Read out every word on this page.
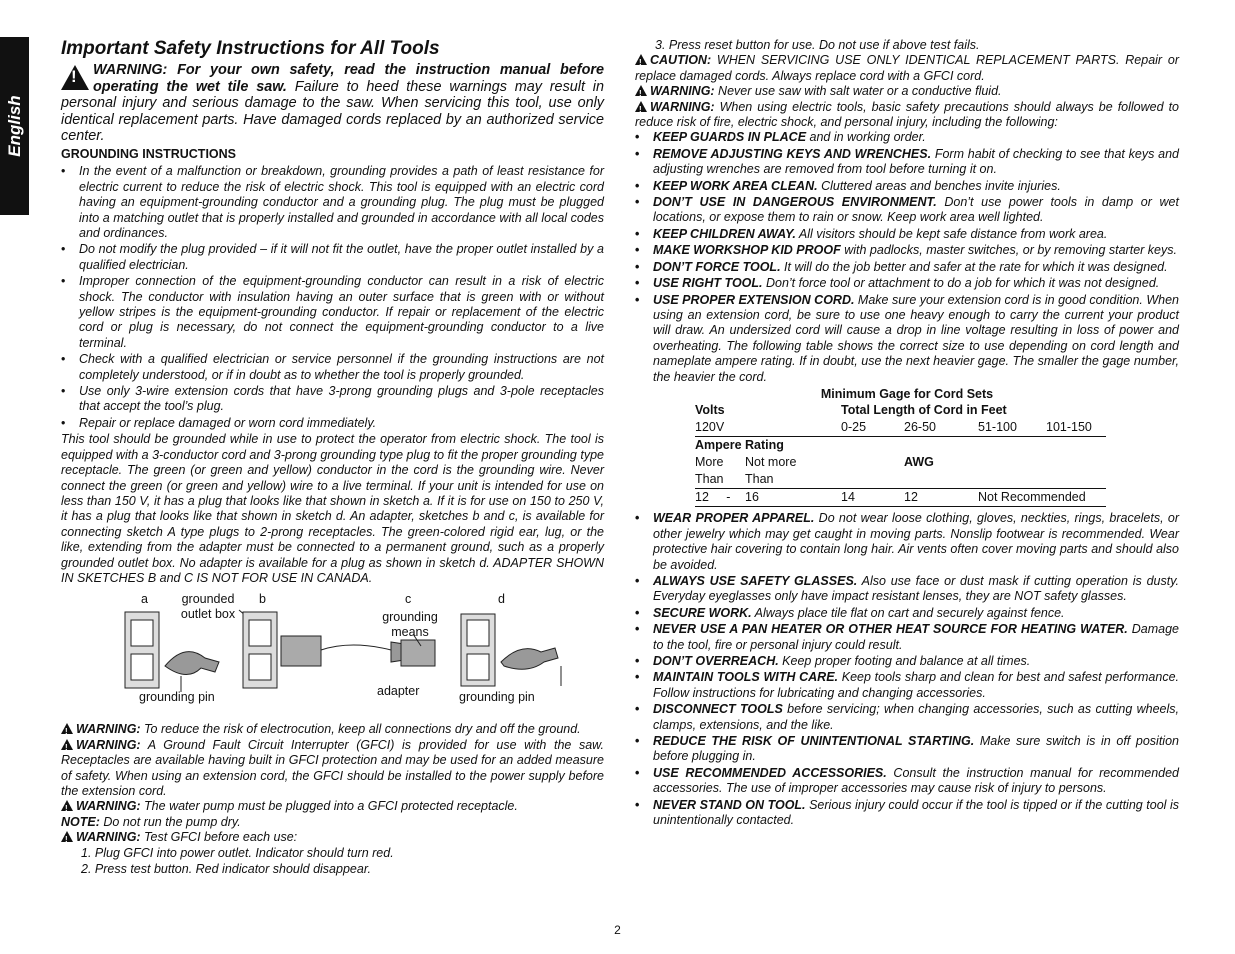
English
Important Safety Instructions for All Tools

!
WARNING: For your own safety, read the instruction manual before operating the wet tile saw. Failure to heed these warnings may result in personal injury and serious damage to the saw. When servicing this tool, use only identical replacement parts. Have damaged cords replaced by an authorized service center.

GROUNDING INSTRUCTIONS
• In the event of a malfunction or breakdown, grounding provides a path of least resistance for electric current to reduce the risk of electric shock. This tool is equipped with an electric cord having an equipment-grounding conductor and a grounding plug. The plug must be plugged into a matching outlet that is properly installed and grounded in accordance with all local codes and ordinances.
• Do not modify the plug provided – if it will not fit the outlet, have the proper outlet installed by a qualified electrician.
• Improper connection of the equipment-grounding conductor can result in a risk of electric shock. The conductor with insulation having an outer surface that is green with or without yellow stripes is the equipment-grounding conductor. If repair or replacement of the electric cord or plug is necessary, do not connect the equipment-grounding conductor to a live terminal.
• Check with a qualified electrician or service personnel if the grounding instructions are not completely understood, or if in doubt as to whether the tool is properly grounded.
• Use only 3-wire extension cords that have 3-prong grounding plugs and 3-pole receptacles that accept the tool’s plug.
• Repair or replace damaged or worn cord immediately.

This tool should be grounded while in use to protect the operator from electric shock. The tool is equipped with a 3-conductor cord and 3-prong grounding type plug to fit the proper grounding type receptacle. The green (or green and yellow) conductor in the cord is the grounding wire. Never connect the green (or green and yellow) wire to a live terminal. If your unit is intended for use on less than 150 V, it has a plug that looks like that shown in sketch a. If it is for use on 150 to 250 V, it has a plug that looks like that shown in sketch d. An adapter, sketches b and c, is available for connecting sketch A type plugs to 2-prong receptacles. The green-colored rigid ear, lug, or the like, extending from the adapter must be connected to a permanent ground, such as a properly grounded outlet box. No adapter is available for a plug as shown in sketch d. ADAPTER SHOWN IN SKETCHES B and C IS NOT FOR USE IN CANADA.

a	grounded outlet box
b	c
grounding means
d
grounding pin	adapter	grounding pin

!WARNING: To reduce the risk of electrocution, keep all connections dry and off the ground.

!WARNING: A Ground Fault Circuit Interrupter (GFCI) is provided for use with the saw. Receptacles are available having built in GFCI protection and may be used for an added measure of safety. When using an extension cord, the GFCI should be installed to the power supply before the extension cord.

!WARNING: The water pump must be plugged into a GFCI protected receptacle.

NOTE: Do not run the pump dry.

!WARNING: Test GFCI before each use:

1. Plug GFCI into power outlet. Indicator should turn red.
2. Press test button. Red indicator should disappear.

3. Press reset button for use. Do not use if above test fails.

!CAUTION: WHEN SERVICING USE ONLY IDENTICAL REPLACEMENT PARTS. Repair or replace damaged cords. Always replace cord with a GFCI cord.

!WARNING: Never use saw with salt water or a conductive fluid.

!WARNING: When using electric tools, basic safety precautions should always be followed to reduce risk of fire, electric shock, and personal injury, including the following:

• KEEP GUARDS IN PLACE and in working order.
• REMOVE ADJUSTING KEYS AND WRENCHES. Form habit of checking to see that keys and adjusting wrenches are removed from tool before turning it on.
• KEEP WORK AREA CLEAN. Cluttered areas and benches invite injuries.
• DON’T USE IN DANGEROUS ENVIRONMENT. Don’t use power tools in damp or wet locations, or expose them to rain or snow. Keep work area well lighted.
• KEEP CHILDREN AWAY. All visitors should be kept safe distance from work area.
• MAKE WORKSHOP KID PROOF with padlocks, master switches, or by removing starter keys.
• DON’T FORCE TOOL. It will do the job better and safer at the rate for which it was designed.
• USE RIGHT TOOL. Don’t force tool or attachment to do a job for which it was not designed.
• USE PROPER EXTENSION CORD. Make sure your extension cord is in good condition. When using an extension cord, be sure to use one heavy enough to carry the current your product will draw. An undersized cord will cause a drop in line voltage resulting in loss of power and overheating. The following table shows the correct size to use depending on cord length and nameplate ampere rating. If in doubt, use the next heavier gage. The smaller the gage number, the heavier the cord.
Minimum Gage for Cord Sets
Volts		Total Length of Cord in Feet			
120V		0-25	26-50	51-100	101-150
Ampere Rating					
More	Not more		AWG		
Than	Than				
12 -	16	14	12	Not Recommended	
• WEAR PROPER APPAREL. Do not wear loose clothing, gloves, neckties, rings, bracelets, or other jewelry which may get caught in moving parts. Nonslip footwear is recommended. Wear protective hair covering to contain long hair. Air vents often cover moving parts and should also be avoided.
• ALWAYS USE SAFETY GLASSES. Also use face or dust mask if cutting operation is dusty. Everyday eyeglasses only have impact resistant lenses, they are NOT safety glasses.
• SECURE WORK. Always place tile flat on cart and securely against fence.
• NEVER USE A PAN HEATER OR OTHER HEAT SOURCE FOR HEATING WATER. Damage to the tool, fire or personal injury could result.
• DON’T OVERREACH. Keep proper footing and balance at all times.
• MAINTAIN TOOLS WITH CARE. Keep tools sharp and clean for best and safest performance. Follow instructions for lubricating and changing accessories.
• DISCONNECT TOOLS before servicing; when changing accessories, such as cutting wheels, clamps, extensions, and the like.
• REDUCE THE RISK OF UNINTENTIONAL STARTING. Make sure switch is in off position before plugging in.
• USE RECOMMENDED ACCESSORIES. Consult the instruction manual for recommended accessories. The use of improper accessories may cause risk of injury to persons.
• NEVER STAND ON TOOL. Serious injury could occur if the tool is tipped or if the cutting tool is unintentionally contacted.
2
